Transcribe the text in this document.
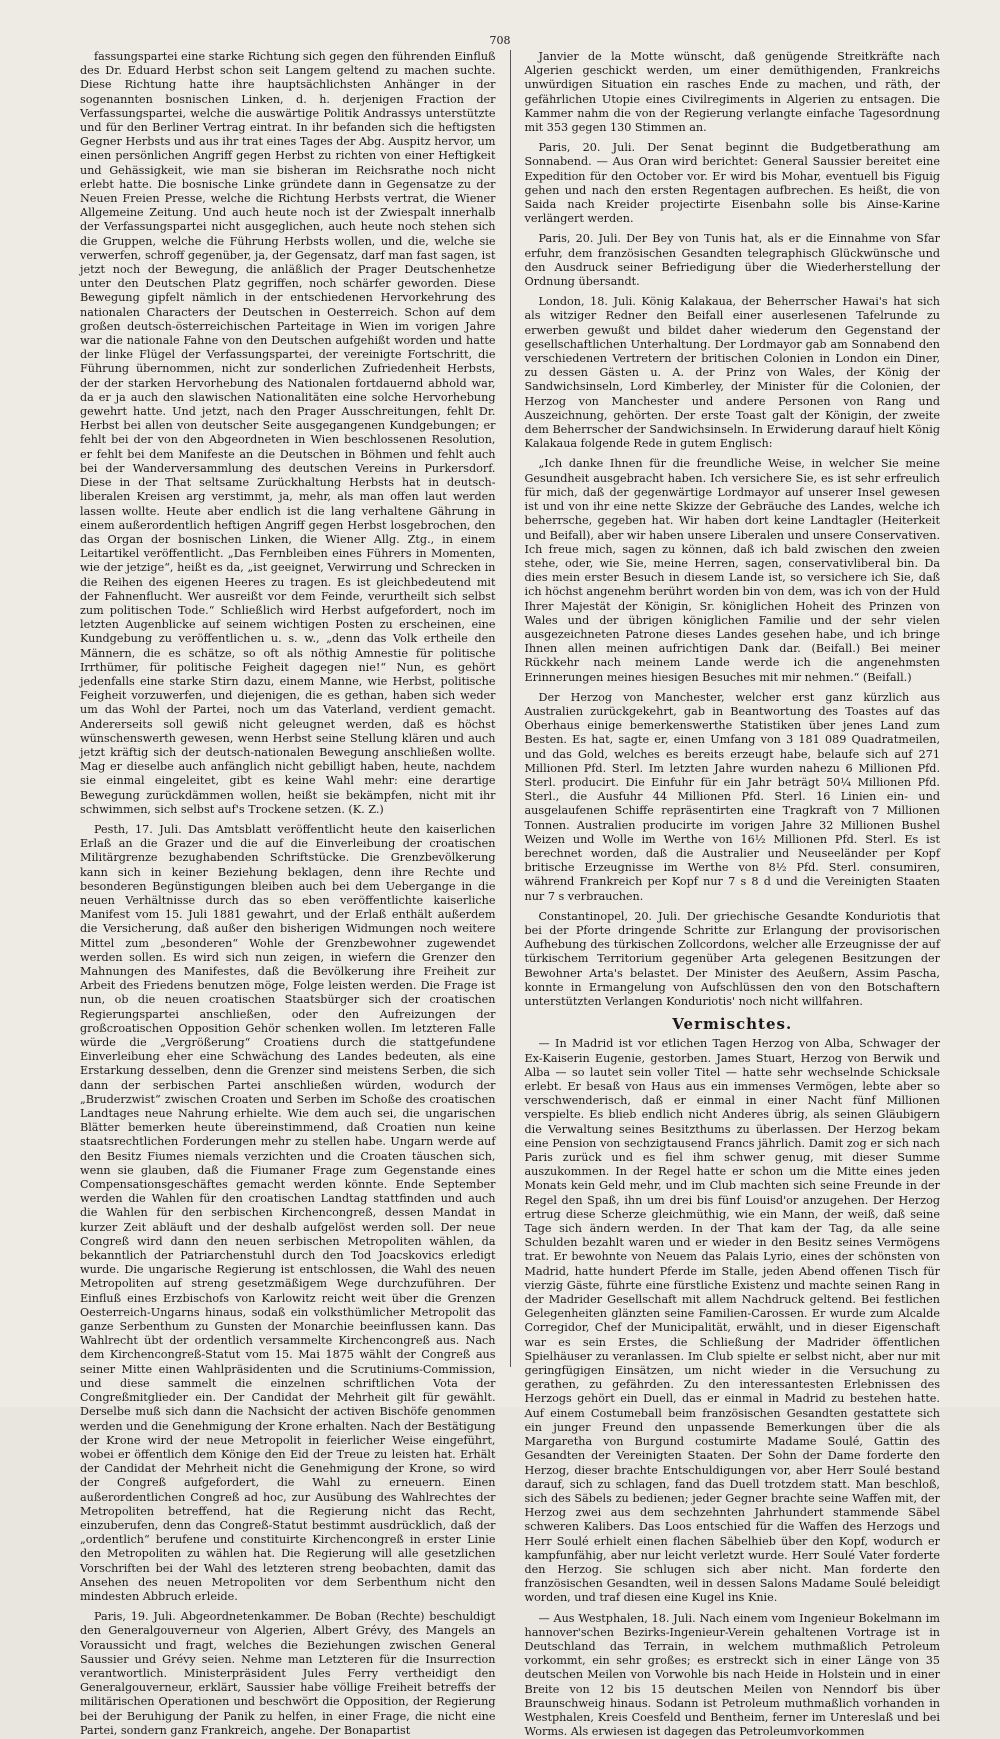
708

fassungspartei eine starke Richtung sich gegen den führenden Einfluß des Dr. Eduard Herbst schon seit Langem geltend zu machen suchte. Diese Richtung hatte ihre hauptsächlichsten Anhänger in der sogenannten bosnischen Linken, d. h. derjenigen Fraction der Verfassungspartei, welche die auswärtige Politik Andrassys unterstützte und für den Berliner Vertrag eintrat. In ihr befanden sich die heftigsten Gegner Herbsts und aus ihr trat eines Tages der Abg. Auspitz hervor, um einen persönlichen Angriff gegen Herbst zu richten von einer Heftigkeit und Gehässigkeit, wie man sie bisheran im Reichsrathe noch nicht erlebt hatte. Die bosnische Linke gründete dann in Gegensatze zu der Neuen Freien Presse, welche die Richtung Herbsts vertrat, die Wiener Allgemeine Zeitung. Und auch heute noch ist der Zwiespalt innerhalb der Verfassungspartei nicht ausgeglichen, auch heute noch stehen sich die Gruppen, welche die Führung Herbsts wollen, und die, welche sie verwerfen, schroff gegenüber, ja, der Gegensatz, darf man fast sagen, ist jetzt noch der Bewegung, die anläßlich der Prager Deutschenhetze unter den Deutschen Platz gegriffen, noch schärfer geworden. Diese Bewegung gipfelt nämlich in der entschiedenen Hervorkehrung des nationalen Characters der Deutschen in Oesterreich. Schon auf dem großen deutsch-österreichischen Parteitage in Wien im vorigen Jahre war die nationale Fahne von den Deutschen aufgehißt worden und hatte der linke Flügel der Verfassungspartei, der vereinigte Fortschritt, die Führung übernommen, nicht zur sonderlichen Zufriedenheit Herbsts, der der starken Hervorhebung des Nationalen fortdauernd abhold war, da er ja auch den slawischen Nationalitäten eine solche Hervorhebung gewehrt hatte. Und jetzt, nach den Prager Ausschreitungen, fehlt Dr. Herbst bei allen von deutscher Seite ausgegangenen Kundgebungen; er fehlt bei der von den Abgeordneten in Wien beschlossenen Resolution, er fehlt bei dem Manifeste an die Deutschen in Böhmen und fehlt auch bei der Wanderversammlung des deutschen Vereins in Purkersdorf. Diese in der That seltsame Zurückhaltung Herbsts hat in deutsch-liberalen Kreisen arg verstimmt, ja, mehr, als man offen laut werden lassen wollte. Heute aber endlich ist die lang verhaltene Gährung in einem außerordentlich heftigen Angriff gegen Herbst losgebrochen, den das Organ der bosnischen Linken, die Wiener Allg. Ztg., in einem Leitartikel veröffentlicht. „Das Fernbleiben eines Führers in Momenten, wie der jetzige“, heißt es da, „ist geeignet, Verwirrung und Schrecken in die Reihen des eigenen Heeres zu tragen. Es ist gleichbedeutend mit der Fahnenflucht. Wer ausreißt vor dem Feinde, verurtheilt sich selbst zum politischen Tode.“ Schließlich wird Herbst aufgefordert, noch im letzten Augenblicke auf seinem wichtigen Posten zu erscheinen, eine Kundgebung zu veröffentlichen u. s. w., „denn das Volk ertheile den Männern, die es schätze, so oft als nöthig Amnestie für politische Irrthümer, für politische Feigheit dagegen nie!“ Nun, es gehört jedenfalls eine starke Stirn dazu, einem Manne, wie Herbst, politische Feigheit vorzuwerfen, und diejenigen, die es gethan, haben sich weder um das Wohl der Partei, noch um das Vaterland, verdient gemacht. Andererseits soll gewiß nicht geleugnet werden, daß es höchst wünschenswerth gewesen, wenn Herbst seine Stellung klären und auch jetzt kräftig sich der deutsch-nationalen Bewegung anschließen wollte. Mag er dieselbe auch anfänglich nicht gebilligt haben, heute, nachdem sie einmal eingeleitet, gibt es keine Wahl mehr: eine derartige Bewegung zurückdämmen wollen, heißt sie bekämpfen, nicht mit ihr schwimmen, sich selbst auf's Trockene setzen. (K. Z.)

Pesth, 17. Juli. Das Amtsblatt veröffentlicht heute den kaiserlichen Erlaß an die Grazer und die auf die Einverleibung der croatischen Militärgrenze bezughabenden Schriftstücke. Die Grenzbevölkerung kann sich in keiner Beziehung beklagen, denn ihre Rechte und besonderen Begünstigungen bleiben auch bei dem Uebergange in die neuen Verhältnisse durch das so eben veröffentlichte kaiserliche Manifest vom 15. Juli 1881 gewahrt, und der Erlaß enthält außerdem die Versicherung, daß außer den bisherigen Widmungen noch weitere Mittel zum „besonderen“ Wohle der Grenzbewohner zugewendet werden sollen. Es wird sich nun zeigen, in wiefern die Grenzer den Mahnungen des Manifestes, daß die Bevölkerung ihre Freiheit zur Arbeit des Friedens benutzen möge, Folge leisten werden. Die Frage ist nun, ob die neuen croatischen Staatsbürger sich der croatischen Regierungspartei anschließen, oder den Aufreizungen der großcroatischen Opposition Gehör schenken wollen. Im letzteren Falle würde die „Vergrößerung“ Croatiens durch die stattgefundene Einverleibung eher eine Schwächung des Landes bedeuten, als eine Erstarkung desselben, denn die Grenzer sind meistens Serben, die sich dann der serbischen Partei anschließen würden, wodurch der „Bruderzwist“ zwischen Croaten und Serben im Schoße des croatischen Landtages neue Nahrung erhielte. Wie dem auch sei, die ungarischen Blätter bemerken heute übereinstimmend, daß Croatien nun keine staatsrechtlichen Forderungen mehr zu stellen habe. Ungarn werde auf den Besitz Fiumes niemals verzichten und die Croaten täuschen sich, wenn sie glauben, daß die Fiumaner Frage zum Gegenstande eines Compensationsgeschäftes gemacht werden könnte. Ende September werden die Wahlen für den croatischen Landtag stattfinden und auch die Wahlen für den serbischen Kirchencongreß, dessen Mandat in kurzer Zeit abläuft und der deshalb aufgelöst werden soll. Der neue Congreß wird dann den neuen serbischen Metropoliten wählen, da bekanntlich der Patriarchenstuhl durch den Tod Joacskovics erledigt wurde. Die ungarische Regierung ist entschlossen, die Wahl des neuen Metropoliten auf streng gesetzmäßigem Wege durchzuführen. Der Einfluß eines Erzbischofs von Karlowitz reicht weit über die Grenzen Oesterreich-Ungarns hinaus, sodaß ein volksthümlicher Metropolit das ganze Serbenthum zu Gunsten der Monarchie beeinflussen kann. Das Wahlrecht übt der ordentlich versammelte Kirchencongreß aus. Nach dem Kirchencongreß-Statut vom 15. Mai 1875 wählt der Congreß aus seiner Mitte einen Wahlpräsidenten und die Scrutiniums-Commission, und diese sammelt die einzelnen schriftlichen Vota der Congreßmitglieder ein. Der Candidat der Mehrheit gilt für gewählt. Derselbe muß sich dann die Nachsicht der activen Bischöfe genommen werden und die Genehmigung der Krone erhalten. Nach der Bestätigung der Krone wird der neue Metropolit in feierlicher Weise eingeführt, wobei er öffentlich dem Könige den Eid der Treue zu leisten hat. Erhält der Candidat der Mehrheit nicht die Genehmigung der Krone, so wird der Congreß aufgefordert, die Wahl zu erneuern. Einen außerordentlichen Congreß ad hoc, zur Ausübung des Wahlrechtes der Metropoliten betreffend, hat die Regierung nicht das Recht, einzuberufen, denn das Congreß-Statut bestimmt ausdrücklich, daß der „ordentlich“ berufene und constituirte Kirchencongreß in erster Linie den Metropoliten zu wählen hat. Die Regierung will alle gesetzlichen Vorschriften bei der Wahl des letzteren streng beobachten, damit das Ansehen des neuen Metropoliten vor dem Serbenthum nicht den mindesten Abbruch erleide.

Paris, 19. Juli. Abgeordnetenkammer. De Boban (Rechte) beschuldigt den Generalgouverneur von Algerien, Albert Grévy, des Mangels an Voraussicht und fragt, welches die Beziehungen zwischen General Saussier und Grévy seien. Nehme man Letzteren für die Insurrection verantwortlich. Ministerpräsident Jules Ferry vertheidigt den Generalgouverneur, erklärt, Saussier habe völlige Freiheit betreffs der militärischen Operationen und beschwört die Opposition, der Regierung bei der Beruhigung der Panik zu helfen, in einer Frage, die nicht eine Partei, sondern ganz Frankreich, angehe. Der Bonapartist

Janvier de la Motte wünscht, daß genügende Streitkräfte nach Algerien geschickt werden, um einer demüthigenden, Frankreichs unwürdigen Situation ein rasches Ende zu machen, und räth, der gefährlichen Utopie eines Civilregiments in Algerien zu entsagen. Die Kammer nahm die von der Regierung verlangte einfache Tagesordnung mit 353 gegen 130 Stimmen an.

Paris, 20. Juli. Der Senat beginnt die Budgetberathung am Sonnabend. — Aus Oran wird berichtet: General Saussier bereitet eine Expedition für den October vor. Er wird bis Mohar, eventuell bis Figuig gehen und nach den ersten Regentagen aufbrechen. Es heißt, die von Saida nach Kreider projectirte Eisenbahn solle bis Ainse-Karine verlängert werden.

Paris, 20. Juli. Der Bey von Tunis hat, als er die Einnahme von Sfar erfuhr, dem französischen Gesandten telegraphisch Glückwünsche und den Ausdruck seiner Befriedigung über die Wiederherstellung der Ordnung übersandt.

London, 18. Juli. König Kalakaua, der Beherrscher Hawai's hat sich als witziger Redner den Beifall einer auserlesenen Tafelrunde zu erwerben gewußt und bildet daher wiederum den Gegenstand der gesellschaftlichen Unterhaltung. Der Lordmayor gab am Sonnabend den verschiedenen Vertretern der britischen Colonien in London ein Diner, zu dessen Gästen u. A. der Prinz von Wales, der König der Sandwichsinseln, Lord Kimberley, der Minister für die Colonien, der Herzog von Manchester und andere Personen von Rang und Auszeichnung, gehörten. Der erste Toast galt der Königin, der zweite dem Beherrscher der Sandwichsinseln. In Erwiderung darauf hielt König Kalakaua folgende Rede in gutem Englisch:

„Ich danke Ihnen für die freundliche Weise, in welcher Sie meine Gesundheit ausgebracht haben. Ich versichere Sie, es ist sehr erfreulich für mich, daß der gegenwärtige Lordmayor auf unserer Insel gewesen ist und von ihr eine nette Skizze der Gebräuche des Landes, welche ich beherrsche, gegeben hat. Wir haben dort keine Landtagler (Heiterkeit und Beifall), aber wir haben unsere Liberalen und unsere Conservativen. Ich freue mich, sagen zu können, daß ich bald zwischen den zweien stehe, oder, wie Sie, meine Herren, sagen, conservativliberal bin. Da dies mein erster Besuch in diesem Lande ist, so versichere ich Sie, daß ich höchst angenehm berührt worden bin von dem, was ich von der Huld Ihrer Majestät der Königin, Sr. königlichen Hoheit des Prinzen von Wales und der übrigen königlichen Familie und der sehr vielen ausgezeichneten Patrone dieses Landes gesehen habe, und ich bringe Ihnen allen meinen aufrichtigen Dank dar. (Beifall.) Bei meiner Rückkehr nach meinem Lande werde ich die angenehmsten Erinnerungen meines hiesigen Besuches mit mir nehmen.“ (Beifall.)

Der Herzog von Manchester, welcher erst ganz kürzlich aus Australien zurückgekehrt, gab in Beantwortung des Toastes auf das Oberhaus einige bemerkenswerthe Statistiken über jenes Land zum Besten. Es hat, sagte er, einen Umfang von 3 181 089 Quadratmeilen, und das Gold, welches es bereits erzeugt habe, belaufe sich auf 271 Millionen Pfd. Sterl. Im letzten Jahre wurden nahezu 6 Millionen Pfd. Sterl. producirt. Die Einfuhr für ein Jahr beträgt 50¼ Millionen Pfd. Sterl., die Ausfuhr 44 Millionen Pfd. Sterl. 16 Linien ein- und ausgelaufenen Schiffe repräsentirten eine Tragkraft von 7 Millionen Tonnen. Australien producirte im vorigen Jahre 32 Millionen Bushel Weizen und Wolle im Werthe von 16½ Millionen Pfd. Sterl. Es ist berechnet worden, daß die Australier und Neuseeländer per Kopf britische Erzeugnisse im Werthe von 8½ Pfd. Sterl. consumiren, während Frankreich per Kopf nur 7 s 8 d und die Vereinigten Staaten nur 7 s verbrauchen.

Constantinopel, 20. Juli. Der griechische Gesandte Konduriotis that bei der Pforte dringende Schritte zur Erlangung der provisorischen Aufhebung des türkischen Zollcordons, welcher alle Erzeugnisse der auf türkischem Territorium gegenüber Arta gelegenen Besitzungen der Bewohner Arta's belastet. Der Minister des Aeußern, Assim Pascha, konnte in Ermangelung von Aufschlüssen den von den Botschaftern unterstützten Verlangen Konduriotis' noch nicht willfahren.

Vermischtes.

— In Madrid ist vor etlichen Tagen Herzog von Alba, Schwager der Ex-Kaiserin Eugenie, gestorben. James Stuart, Herzog von Berwik und Alba — so lautet sein voller Titel — hatte sehr wechselnde Schicksale erlebt. Er besaß von Haus aus ein immenses Vermögen, lebte aber so verschwenderisch, daß er einmal in einer Nacht fünf Millionen verspielte. Es blieb endlich nicht Anderes übrig, als seinen Gläubigern die Verwaltung seines Besitzthums zu überlassen. Der Herzog bekam eine Pension von sechzigtausend Francs jährlich. Damit zog er sich nach Paris zurück und es fiel ihm schwer genug, mit dieser Summe auszukommen. In der Regel hatte er schon um die Mitte eines jeden Monats kein Geld mehr, und im Club machten sich seine Freunde in der Regel den Spaß, ihn um drei bis fünf Louisd'or anzugehen. Der Herzog ertrug diese Scherze gleichmüthig, wie ein Mann, der weiß, daß seine Tage sich ändern werden. In der That kam der Tag, da alle seine Schulden bezahlt waren und er wieder in den Besitz seines Vermögens trat. Er bewohnte von Neuem das Palais Lyrio, eines der schönsten von Madrid, hatte hundert Pferde im Stalle, jeden Abend offenen Tisch für vierzig Gäste, führte eine fürstliche Existenz und machte seinen Rang in der Madrider Gesellschaft mit allem Nachdruck geltend. Bei festlichen Gelegenheiten glänzten seine Familien-Carossen. Er wurde zum Alcalde Corregidor, Chef der Municipalität, erwählt, und in dieser Eigenschaft war es sein Erstes, die Schließung der Madrider öffentlichen Spielhäuser zu veranlassen. Im Club spielte er selbst nicht, aber nur mit geringfügigen Einsätzen, um nicht wieder in die Versuchung zu gerathen, zu gefährden. Zu den interessantesten Erlebnissen des Herzogs gehört ein Duell, das er einmal in Madrid zu bestehen hatte. Auf einem Costumeball beim französischen Gesandten gestattete sich ein junger Freund den unpassende Bemerkungen über die als Margaretha von Burgund costumirte Madame Soulé, Gattin des Gesandten der Vereinigten Staaten. Der Sohn der Dame forderte den Herzog, dieser brachte Entschuldigungen vor, aber Herr Soulé bestand darauf, sich zu schlagen, fand das Duell trotzdem statt. Man beschloß, sich des Säbels zu bedienen; jeder Gegner brachte seine Waffen mit, der Herzog zwei aus dem sechzehnten Jahrhundert stammende Säbel schweren Kalibers. Das Loos entschied für die Waffen des Herzogs und Herr Soulé erhielt einen flachen Säbelhieb über den Kopf, wodurch er kampfunfähig, aber nur leicht verletzt wurde. Herr Soulé Vater forderte den Herzog. Sie schlugen sich aber nicht. Man forderte den französischen Gesandten, weil in dessen Salons Madame Soulé beleidigt worden, und traf diesen eine Kugel ins Knie.

— Aus Westphalen, 18. Juli. Nach einem vom Ingenieur Bokelmann im hannover'schen Bezirks-Ingenieur-Verein gehaltenen Vortrage ist in Deutschland das Terrain, in welchem muthmaßlich Petroleum vorkommt, ein sehr großes; es erstreckt sich in einer Länge von 35 deutschen Meilen von Vorwohle bis nach Heide in Holstein und in einer Breite von 12 bis 15 deutschen Meilen von Nenndorf bis über Braunschweig hinaus. Sodann ist Petroleum muthmaßlich vorhanden in Westphalen, Kreis Coesfeld und Bentheim, ferner im Untereslaß und bei Worms. Als erwiesen ist dagegen das Petroleumvorkommen
